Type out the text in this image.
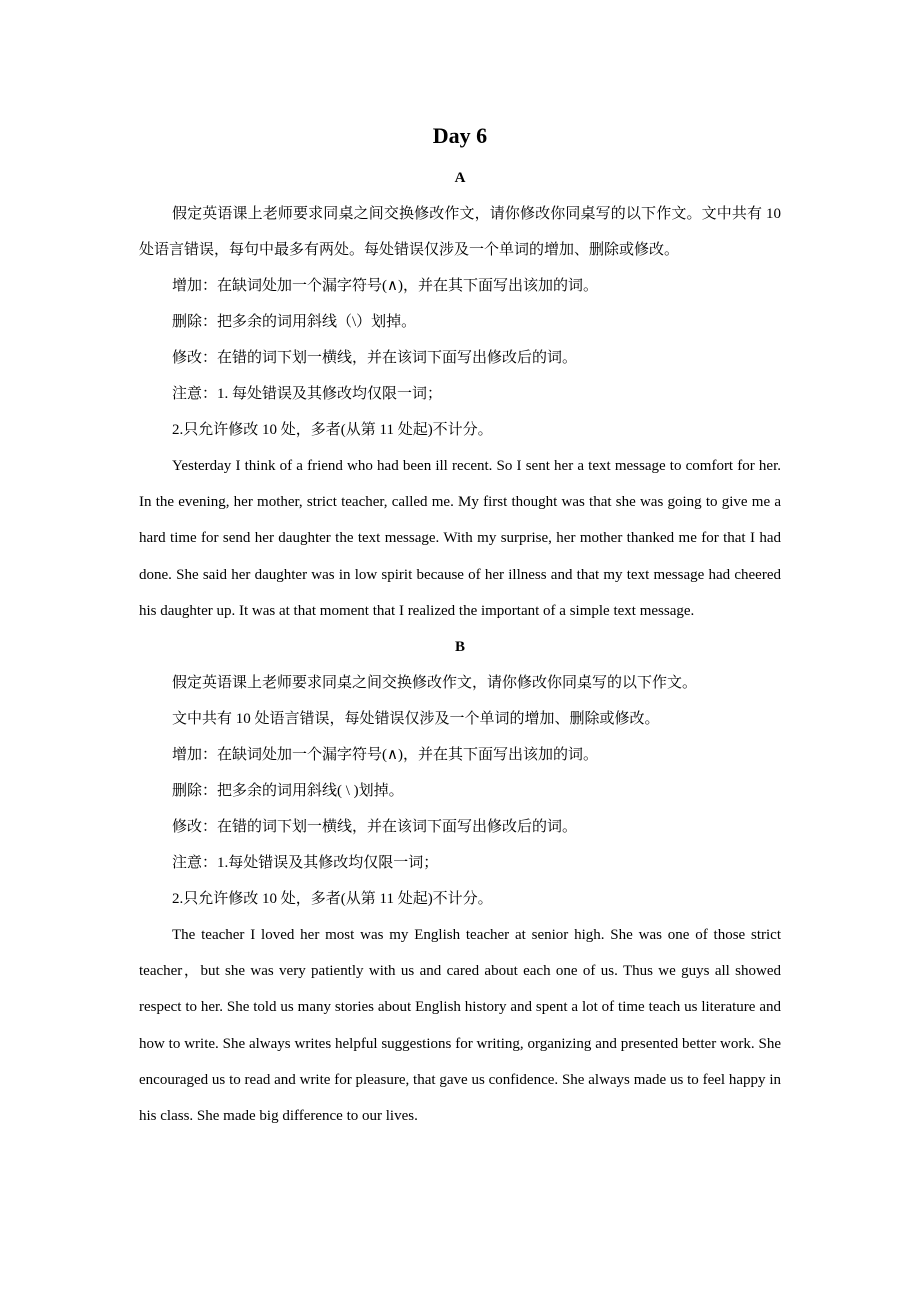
Day 6

A

假定英语课上老师要求同桌之间交换修改作文，请你修改你同桌写的以下作文。文中共有 10 处语言错误，每句中最多有两处。每处错误仅涉及一个单词的增加、删除或修改。

增加：在缺词处加一个漏字符号(∧)，并在其下面写出该加的词。

删除：把多余的词用斜线（\）划掉。

修改：在错的词下划一横线，并在该词下面写出修改后的词。

注意：1. 每处错误及其修改均仅限一词；

2.只允许修改 10 处，多者(从第 11 处起)不计分。

Yesterday I think of a friend who had been ill recent. So I sent her a text message to comfort for her. In the evening, her mother, strict teacher, called me. My first thought was that she was going to give me a hard time for send her daughter the text message. With my surprise, her mother thanked me for that I had done. She said her daughter was in low spirit because of her illness and that my text message had cheered his daughter up. It was at that moment that I realized the important of a simple text message.

B

假定英语课上老师要求同桌之间交换修改作文，请你修改你同桌写的以下作文。

文中共有 10 处语言错误，每处错误仅涉及一个单词的增加、删除或修改。

增加：在缺词处加一个漏字符号(∧)，并在其下面写出该加的词。

删除：把多余的词用斜线( \ )划掉。

修改：在错的词下划一横线，并在该词下面写出修改后的词。

注意：1.每处错误及其修改均仅限一词；

2.只允许修改 10 处，多者(从第 11 处起)不计分。

The teacher I loved her most was my English teacher at senior high. She was one of those strict teacher，but she was very patiently with us and cared about each one of us. Thus we guys all showed respect to her. She told us many stories about English history and spent a lot of time teach us literature and how to write. She always writes helpful suggestions for writing, organizing and presented better work. She encouraged us to read and write for pleasure, that gave us confidence. She always made us to feel happy in his class. She made big difference to our lives.
